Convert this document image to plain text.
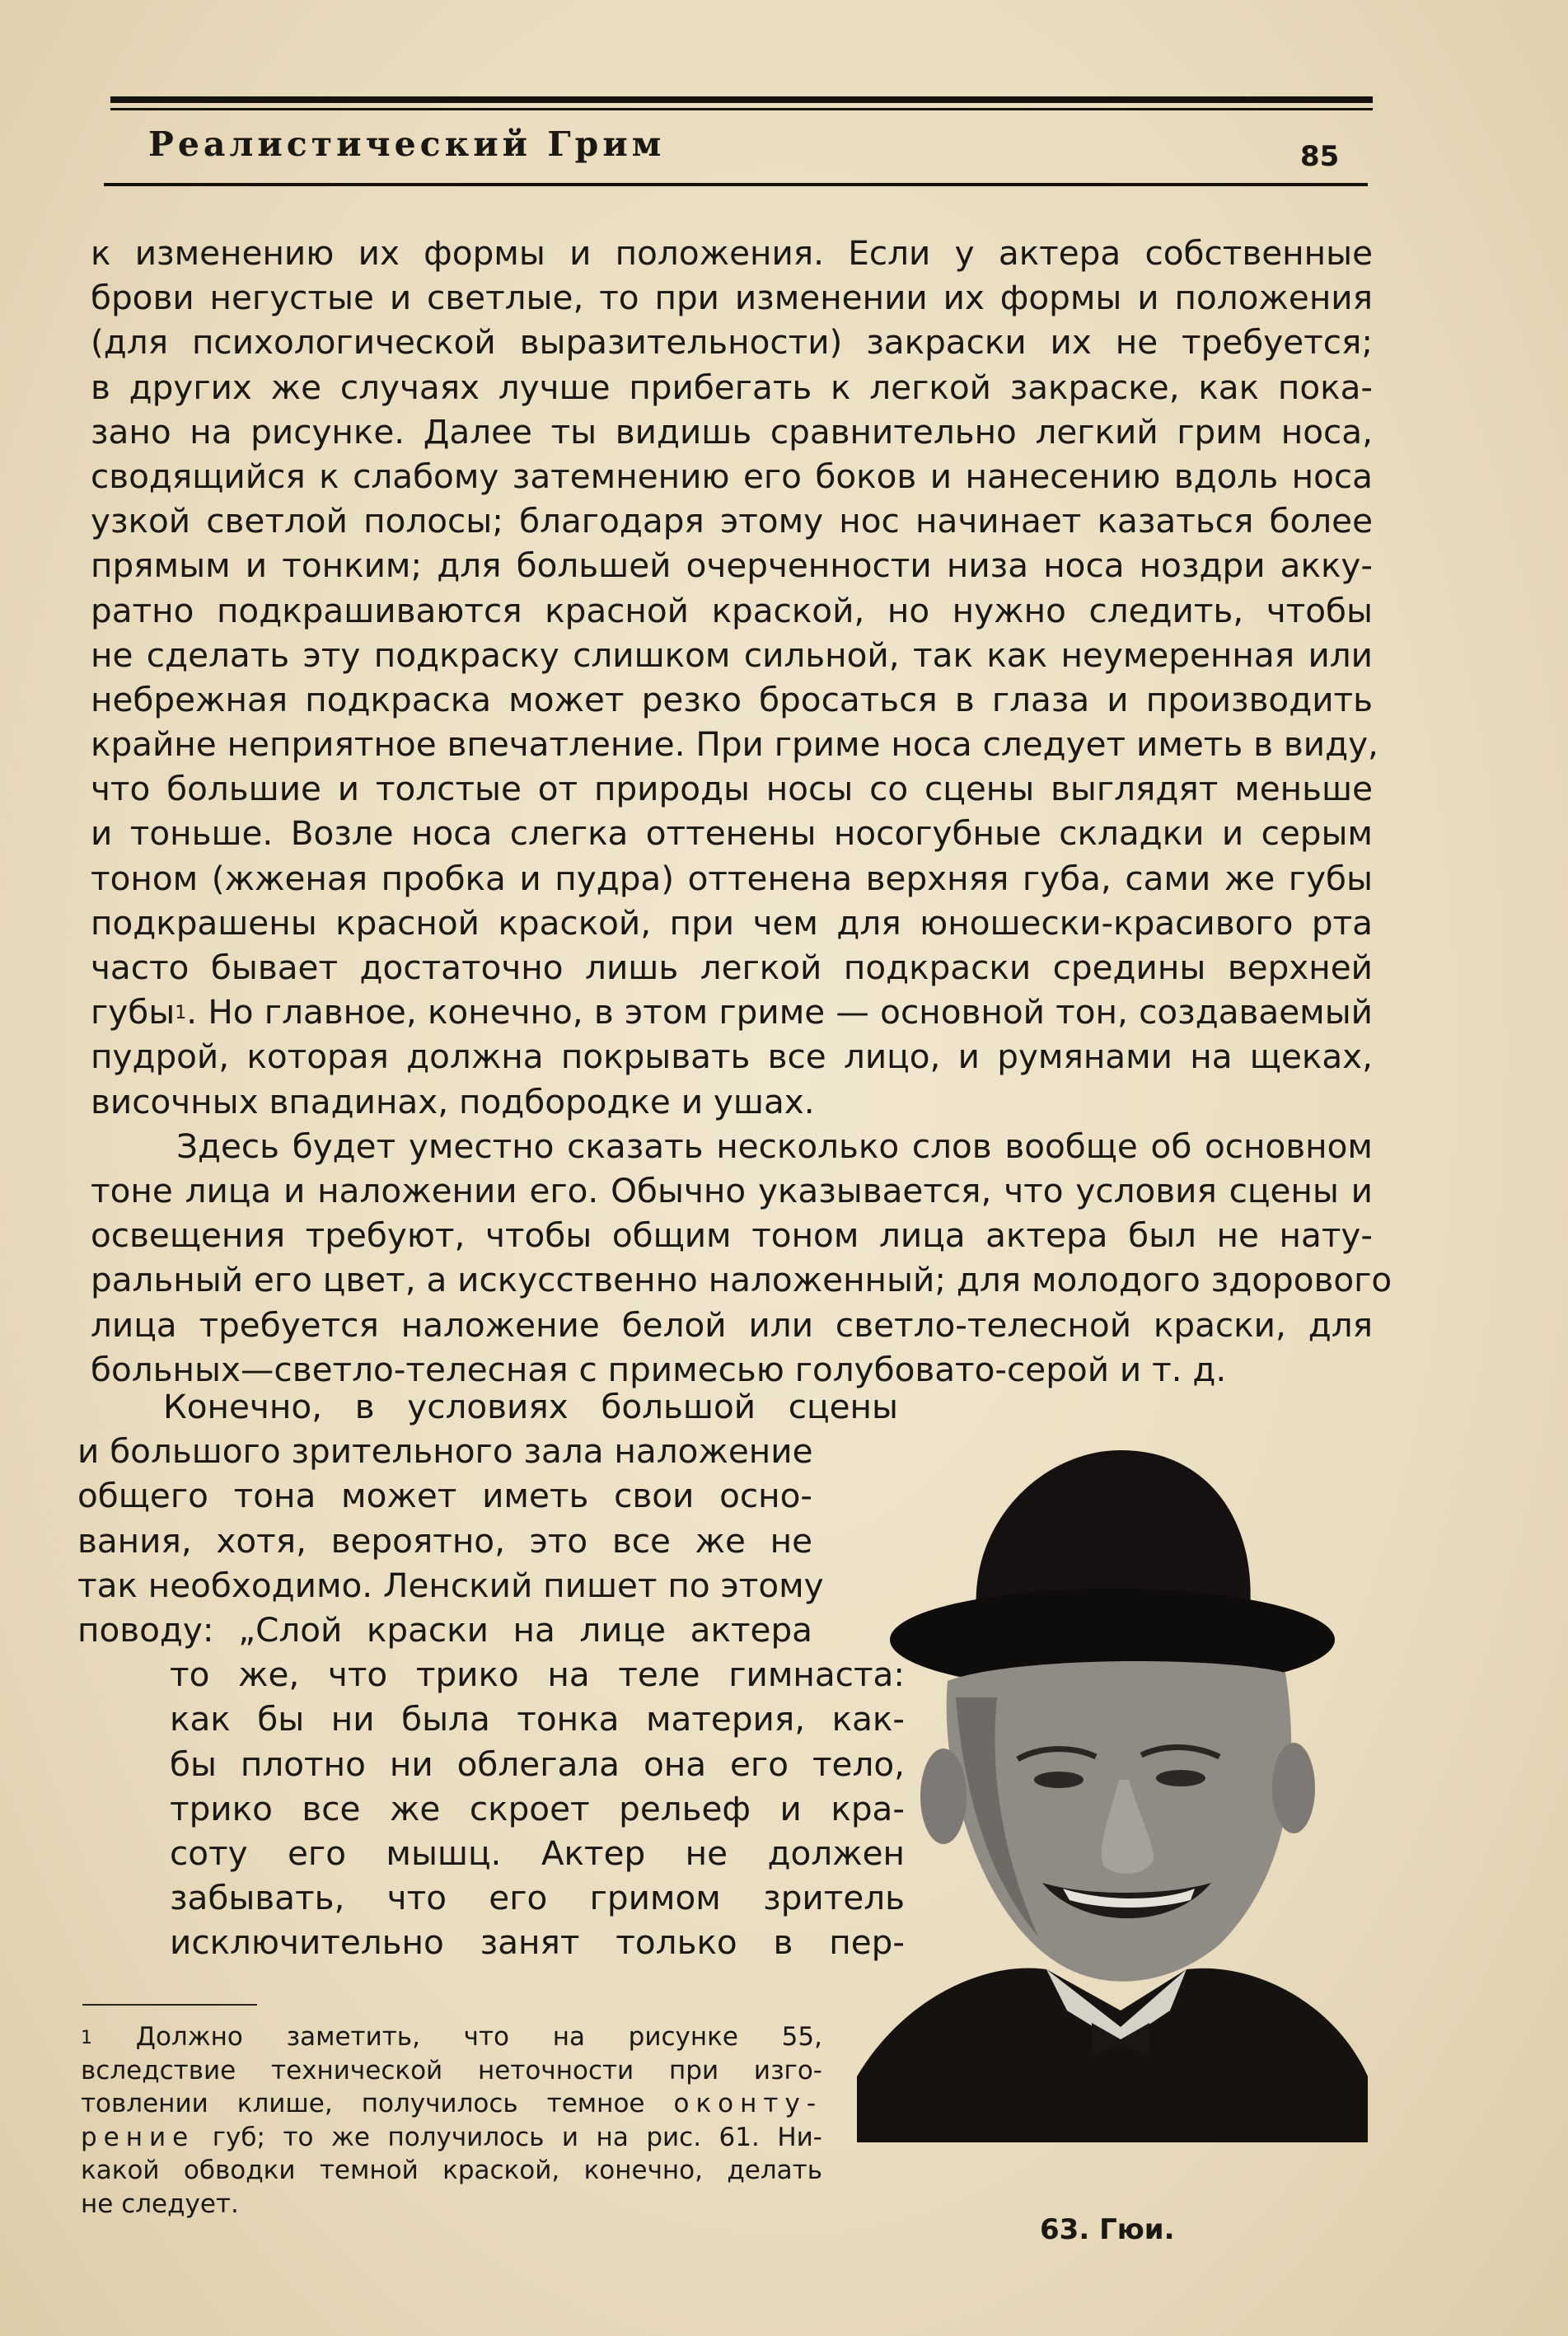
Реалистический Грим	85
к изменению их формы и положения. Если у актера собственные
брови негустые и светлые, то при изменении их формы и положения
(для психологической выразительности) закраски их не требуется;
в других же случаях лучше прибегать к легкой закраске, как пока-
зано на рисунке. Далее ты видишь сравнительно легкий грим носа,
сводящийся к слабому затемнению его боков и нанесению вдоль носа
узкой светлой полосы; благодаря этому нос начинает казаться более
прямым и тонким; для большей очерченности низа носа ноздри акку-
ратно подкрашиваются красной краской, но нужно следить, чтобы
не сделать эту подкраску слишком сильной, так как неумеренная или
небрежная подкраска может резко бросаться в глаза и производить
крайне неприятное впечатление. При гриме носа следует иметь в виду,
что большие и толстые от природы носы со сцены выглядят меньше
и тоньше. Возле носа слегка оттенены носогубные складки и серым
тоном (жженая пробка и пудра) оттенена верхняя губа, сами же губы
подкрашены красной краской, при чем для юношески-красивого рта
часто бывает достаточно лишь легкой подкраски средины верхней
губы$^1$. Но главное, конечно, в этом гриме — основной тон, создаваемый
пудрой, которая должна покрывать все лицо, и румянами на щеках,
височных впадинах, подбородке и ушах.
Здесь будет уместно сказать несколько слов вообще об основном
тоне лица и наложении его. Обычно указывается, что условия сцены и
освещения требуют, чтобы общим тоном лица актера был не нату-
ральный его цвет, а искусственно наложенный; для молодого здорового
лица требуется наложение белой или светло-телесной краски, для
больных—светло-телесная с примесью голубовато-серой и т. д.
Конечно, в условиях большой сцены
и большого зрительного зала наложение
общего тона может иметь свои осно-
вания, хотя, вероятно, это все же не
так необходимо. Ленский пишет по этому
поводу: „Слой краски на лице актера
то же, что трико на теле гимнаста:
как бы ни была тонка материя, как-
бы плотно ни облегала она его тело,
трико все же скроет рельеф и кра-
соту его мышц. Актер не должен
забывать, что его гримом зритель
исключительно занят только в пер-
$^1$ Должно заметить, что на рисунке 55,
вследствие технической неточности при изго-
товлении клише, получилось темное оконту-
рение губ; то же получилось и на рис. 61. Ни-
какой обводки темной краской, конечно, делать
не следует.
63. Гюи.
